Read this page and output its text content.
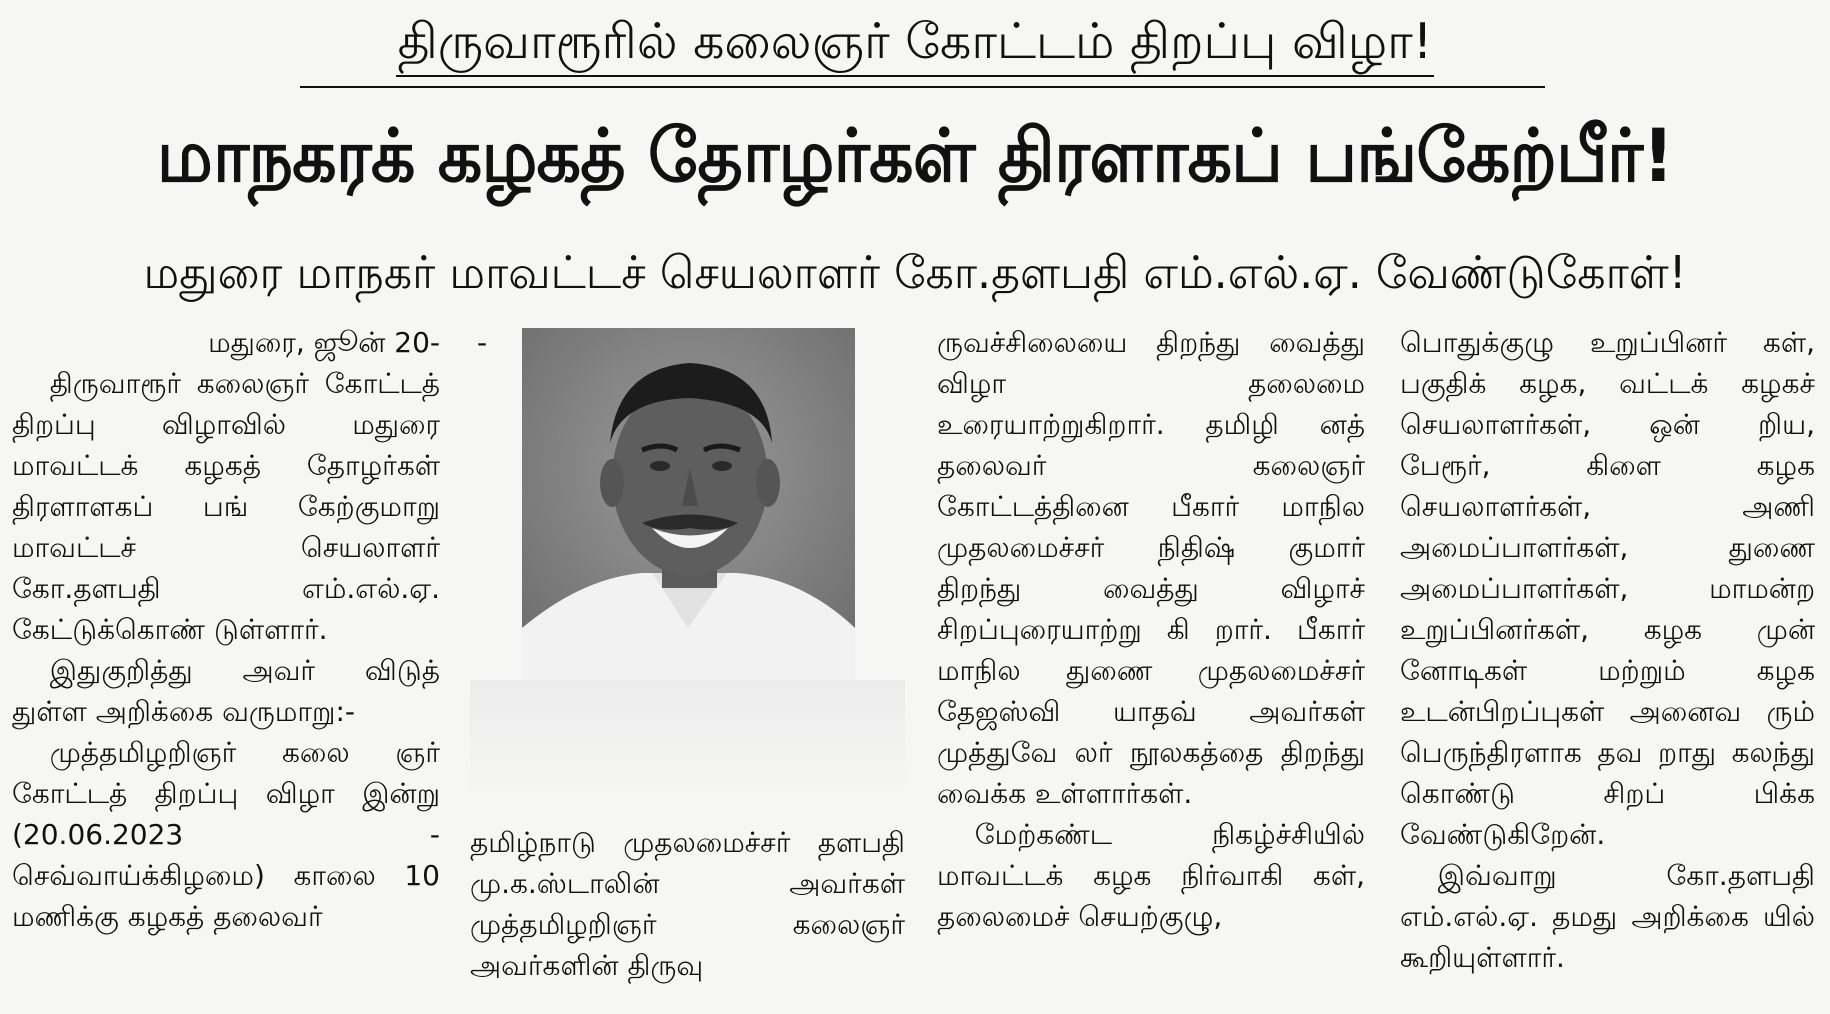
திருவாரூரில் கலைஞர் கோட்டம் திறப்பு விழா!
மாநகரக் கழகத் தோழர்கள் திரளாகப் பங்கேற்பீர்!
மதுரை மாநகர் மாவட்டச் செயலாளர் கோ.தளபதி எம்.எல்.ஏ. வேண்டுகோள்!

மதுரை, ஜூன் 20-

திருவாரூர் கலைஞர் கோட்டத் திறப்பு விழாவில் மதுரை மாவட்டக் கழகத் தோழர்கள் திரளாளகப் பங் கேற்குமாறு மாவட்டச் செயலாளர் கோ.தளபதி எம்.எல்.ஏ. கேட்டுக்கொண் டுள்ளார்.

இதுகுறித்து அவர் விடுத் துள்ள அறிக்கை வருமாறு:-

முத்தமிழறிஞர் கலை ஞர் கோட்டத் திறப்பு விழா இன்று (20.06.2023 - செவ்வாய்க்கிழமை) காலை 10 மணிக்கு கழகத் தலைவர்

-

தமிழ்நாடு முதலமைச்சர் தளபதி மு.க.ஸ்டாலின் அவர்கள் முத்தமிழறிஞர் கலைஞர் அவர்களின் திருவு

ருவச்சிலையை திறந்து வைத்து விழா தலைமை உரையாற்றுகிறார். தமிழி னத் தலைவர் கலைஞர் கோட்டத்தினை பீகார் மாநில முதலமைச்சர் நிதிஷ் குமார் திறந்து வைத்து விழாச் சிறப்புரையாற்று கி றார். பீகார் மாநில துணை முதலமைச்சர் தேஜஸ்வி யாதவ் அவர்கள் முத்துவே லர் நூலகத்தை திறந்து வைக்க உள்ளார்கள்.

மேற்கண்ட நிகழ்ச்சியில் மாவட்டக் கழக நிர்வாகி கள், தலைமைச் செயற்குழு,

பொதுக்குழு உறுப்பினர் கள், பகுதிக் கழக, வட்டக் கழகச் செயலாளர்கள், ஒன் றிய, பேரூர், கிளை கழக செயலாளர்கள், அணி அமைப்பாளர்கள், துணை அமைப்பாளர்கள், மாமன்ற உறுப்பினர்கள், கழக முன் னோடிகள் மற்றும் கழக உடன்பிறப்புகள் அனைவ ரும் பெருந்திரளாக தவ றாது கலந்து கொண்டு சிறப் பிக்க வேண்டுகிறேன்.

இவ்வாறு கோ.தளபதி எம்.எல்.ஏ. தமது அறிக்கை யில் கூறியுள்ளார்.
